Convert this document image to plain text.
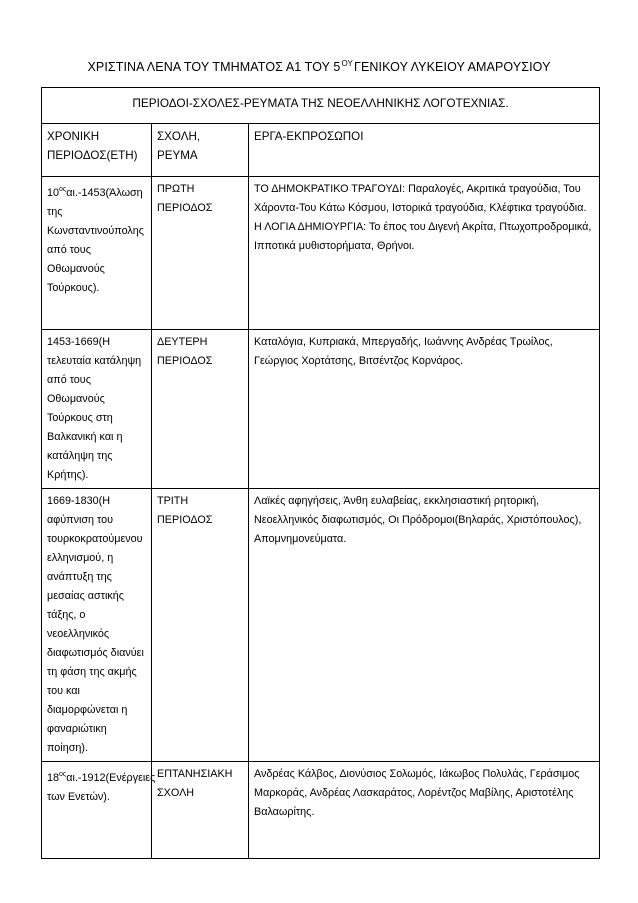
ΧΡΙΣΤΙΝΑ ΛΕΝΑ ΤΟΥ ΤΜΗΜΑΤΟΣ Α1 ΤΟΥ $5^{O\Upsilon}\Gamma ENIKO\Upsilon$ ΛΥΚΕΙΟΥ ΑΜΑΡΟΥΣΙΟΥ
ΠΕΡΙΟΔΟΙ-ΣΧΟΛΕΣ-ΡΕΥΜΑΤΑ ΤΗΣ ΝΕΟΕΛΛΗΝΙΚΗΣ ΛΟΓΟΤΕΧΝΙΑΣ.		
ΧΡΟΝΙΚΗ ΠΕΡΙΟΔΟΣ(ΕΤΗ)	ΣΧΟΛΗ, ΡΕΥΜΑ	ΕΡΓΑ-ΕΚΠΡΟΣΩΠΟΙ
$10^{o\varsigma}\alpha\iota.-1453(Ά\lambda\omega\sigma\eta$ της Κωνσταντινούπολης από τους Οθωμανούς Τούρκους).	ΠΡΩΤΗ ΠΕΡΙΟΔΟΣ	ΤΟ ΔΗΜΟΚΡΑΤΙΚΟ ΤΡΑΓΟΥΔΙ: Παραλογές, Ακριτικά τραγούδια, Του Χάροντα-Του Κάτω Κόσμου, Ιστορικά τραγούδια, Κλέφτικα τραγούδια. Η ΛΟΓΙΑ ΔΗΜΙΟΥΡΓΙΑ: Το έπος του Διγενή Ακρίτα, Πτωχοπροδρομικά, Ιπποτικά μυθιστορήματα, Θρήνοι.
1453-1669(Η τελευταία κατάληψη από τους Οθωμανούς Τούρκους στη Βαλκανική και η κατάληψη της Κρήτης).	ΔΕΥΤΕΡΗ ΠΕΡΙΟΔΟΣ	Καταλόγια, Κυπριακά, Μπεργαδής, Ιωάννης Ανδρέας Τρωίλος, Γεώργιος Χορτάτσης, Βιτσέντζος Κορνάρος.
1669-1830(Η αφύπνιση του τουρκοκρατούμενου ελληνισμού, η ανάπτυξη της μεσαίας αστικής τάξης, ο νεοελληνικός διαφωτισμός διανύει τη φάση της ακμής του και διαμορφώνεται η φαναριώτικη ποίηση).	ΤΡΙΤΗ ΠΕΡΙΟΔΟΣ	Λαϊκές αφηγήσεις, Άνθη ευλαβείας, εκκλησιαστική ρητορική, Νεοελληνικός διαφωτισμός, Οι Πρόδρομοι(Βηλαράς, Χριστόπουλος), Απομνημονεύματα.
$18^{o\varsigma}\alpha\iota.-1912(E\nu έ\rho\gamma\varepsilon\iota\varepsilon\varsigma$ των Ενετών).	ΕΠΤΑΝΗΣΙΑΚΗ ΣΧΟΛΗ	Ανδρέας Κάλβος, Διονύσιος Σολωμός, Ιάκωβος Πολυλάς, Γεράσιμος Μαρκοράς, Ανδρέας Λασκαράτος, Λορέντζος Μαβίλης, Αριστοτέλης Βαλαωρίτης.
